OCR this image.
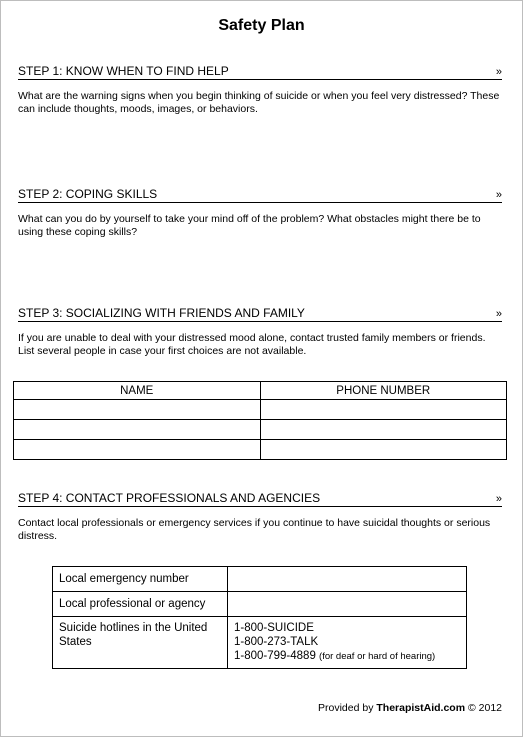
Safety Plan
STEP 1: KNOW WHEN TO FIND HELP	»
What are the warning signs when you begin thinking of suicide or when you feel very distressed? These can include thoughts, moods, images, or behaviors.
STEP 2: COPING SKILLS	»
What can you do by yourself to take your mind off of the problem? What obstacles might there be to using these coping skills?
STEP 3: SOCIALIZING WITH FRIENDS AND FAMILY	»
If you are unable to deal with your distressed mood alone, contact trusted family members or friends. List several people in case your first choices are not available.
NAME	PHONE NUMBER

STEP 4: CONTACT PROFESSIONALS AND AGENCIES	»
Contact local professionals or emergency services if you continue to have suicidal thoughts or serious distress.
Local emergency number	
Local professional or agency	
Suicide hotlines in the United States	1-800-SUICIDE
1-800-273-TALK
1-800-799-4889 (for deaf or hard of hearing)
Provided by TherapistAid.com © 2012
